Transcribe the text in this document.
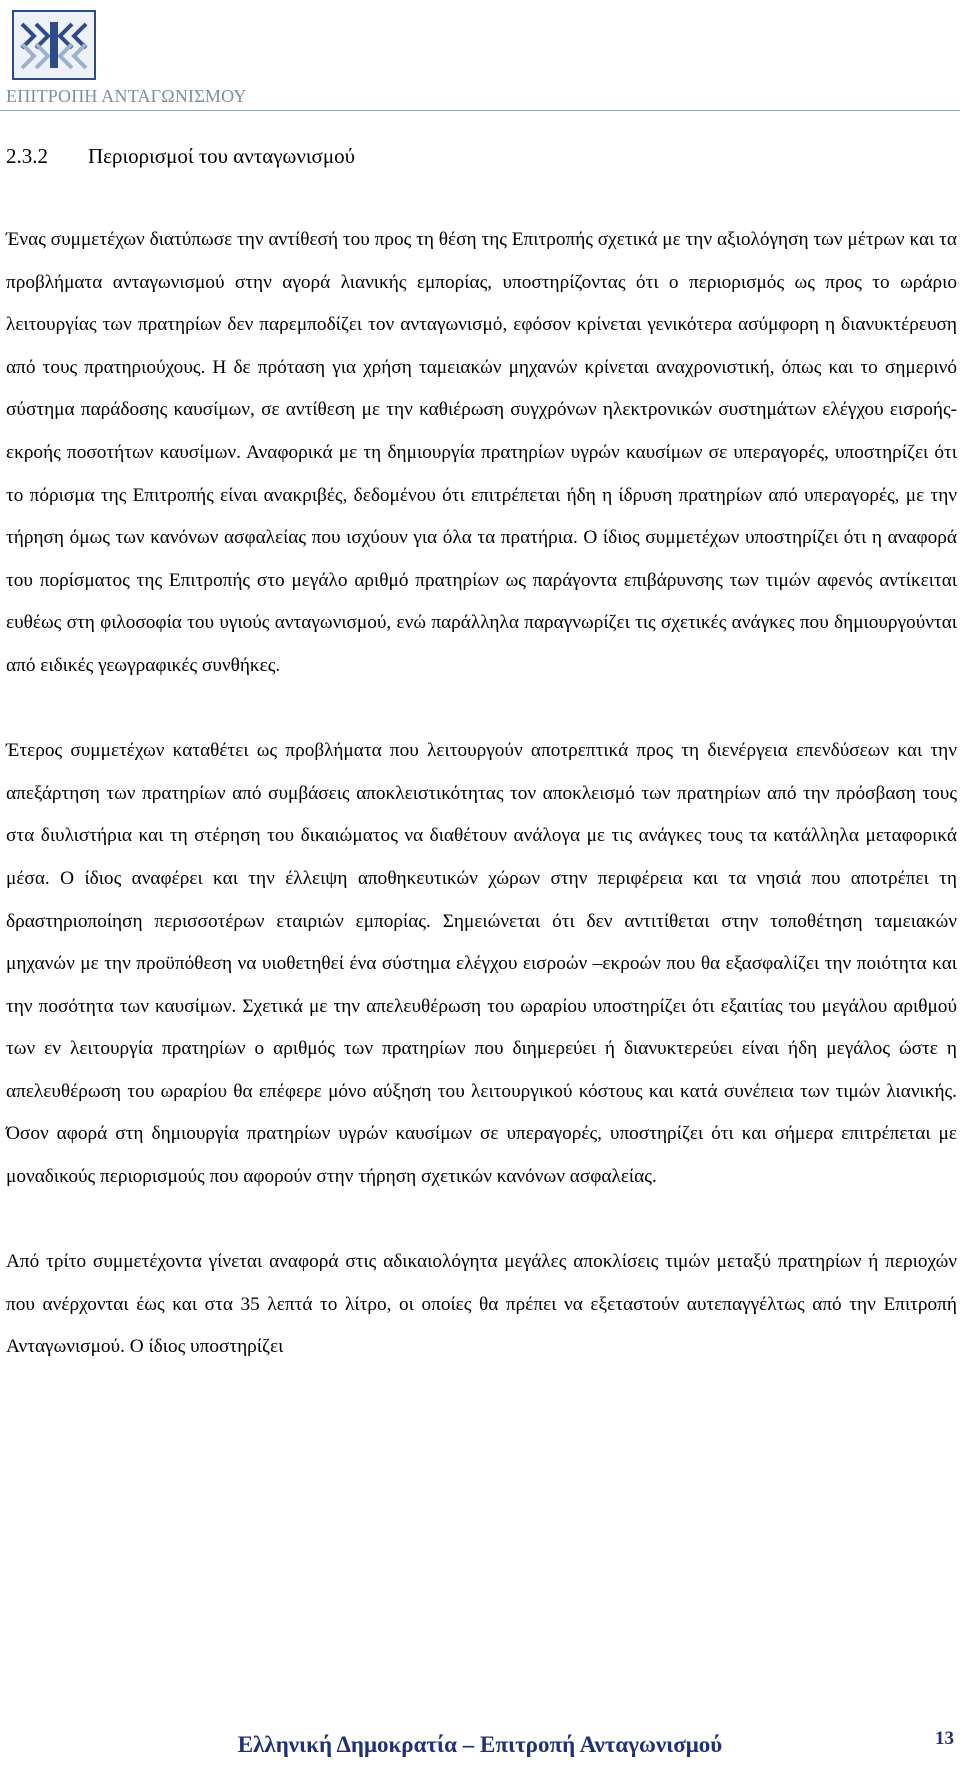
ΕΠΙΤΡΟΠΗ ΑΝΤΑΓΩΝΙΣΜΟΥ
2.3.2 Περιορισμοί του ανταγωνισμού

Ένας συμμετέχων διατύπωσε την αντίθεσή του προς τη θέση της Επιτροπής σχετικά με την αξιολόγηση των μέτρων και τα προβλήματα ανταγωνισμού στην αγορά λιανικής εμπορίας, υποστηρίζοντας ότι ο περιορισμός ως προς το ωράριο λειτουργίας των πρατηρίων δεν παρεμποδίζει τον ανταγωνισμό, εφόσον κρίνεται γενικότερα ασύμφορη η διανυκτέρευση από τους πρατηριούχους. Η δε πρόταση για χρήση ταμειακών μηχανών κρίνεται αναχρονιστική, όπως και το σημερινό σύστημα παράδοσης καυσίμων, σε αντίθεση με την καθιέρωση συγχρόνων ηλεκτρονικών συστημάτων ελέγχου εισροής-εκροής ποσοτήτων καυσίμων. Αναφορικά με τη δημιουργία πρατηρίων υγρών καυσίμων σε υπεραγορές, υποστηρίζει ότι το πόρισμα της Επιτροπής είναι ανακριβές, δεδομένου ότι επιτρέπεται ήδη η ίδρυση πρατηρίων από υπεραγορές, με την τήρηση όμως των κανόνων ασφαλείας που ισχύουν για όλα τα πρατήρια. Ο ίδιος συμμετέχων υποστηρίζει ότι η αναφορά του πορίσματος της Επιτροπής στο μεγάλο αριθμό πρατηρίων ως παράγοντα επιβάρυνσης των τιμών αφενός αντίκειται ευθέως στη φιλοσοφία του υγιούς ανταγωνισμού, ενώ παράλληλα παραγνωρίζει τις σχετικές ανάγκες που δημιουργούνται από ειδικές γεωγραφικές συνθήκες.

Έτερος συμμετέχων καταθέτει ως προβλήματα που λειτουργούν αποτρεπτικά προς τη διενέργεια επενδύσεων και την απεξάρτηση των πρατηρίων από συμβάσεις αποκλειστικότητας τον αποκλεισμό των πρατηρίων από την πρόσβαση τους στα διυλιστήρια και τη στέρηση του δικαιώματος να διαθέτουν ανάλογα με τις ανάγκες τους τα κατάλληλα μεταφορικά μέσα. Ο ίδιος αναφέρει και την έλλειψη αποθηκευτικών χώρων στην περιφέρεια και τα νησιά που αποτρέπει τη δραστηριοποίηση περισσοτέρων εταιριών εμπορίας. Σημειώνεται ότι δεν αντιτίθεται στην τοποθέτηση ταμειακών μηχανών με την προϋπόθεση να υιοθετηθεί ένα σύστημα ελέγχου εισροών –εκροών που θα εξασφαλίζει την ποιότητα και την ποσότητα των καυσίμων. Σχετικά με την απελευθέρωση του ωραρίου υποστηρίζει ότι εξαιτίας του μεγάλου αριθμού των εν λειτουργία πρατηρίων ο αριθμός των πρατηρίων που διημερεύει ή διανυκτερεύει είναι ήδη μεγάλος ώστε η απελευθέρωση του ωραρίου θα επέφερε μόνο αύξηση του λειτουργικού κόστους και κατά συνέπεια των τιμών λιανικής. Όσον αφορά στη δημιουργία πρατηρίων υγρών καυσίμων σε υπεραγορές, υποστηρίζει ότι και σήμερα επιτρέπεται με μοναδικούς περιορισμούς που αφορούν στην τήρηση σχετικών κανόνων ασφαλείας.

Από τρίτο συμμετέχοντα γίνεται αναφορά στις αδικαιολόγητα μεγάλες αποκλίσεις τιμών μεταξύ πρατηρίων ή περιοχών που ανέρχονται έως και στα 35 λεπτά το λίτρο, οι οποίες θα πρέπει να εξεταστούν αυτεπαγγέλτως από την Επιτροπή Ανταγωνισμού. Ο ίδιος υποστηρίζει

Ελληνική Δημοκρατία – Επιτροπή Ανταγωνισμού	13
